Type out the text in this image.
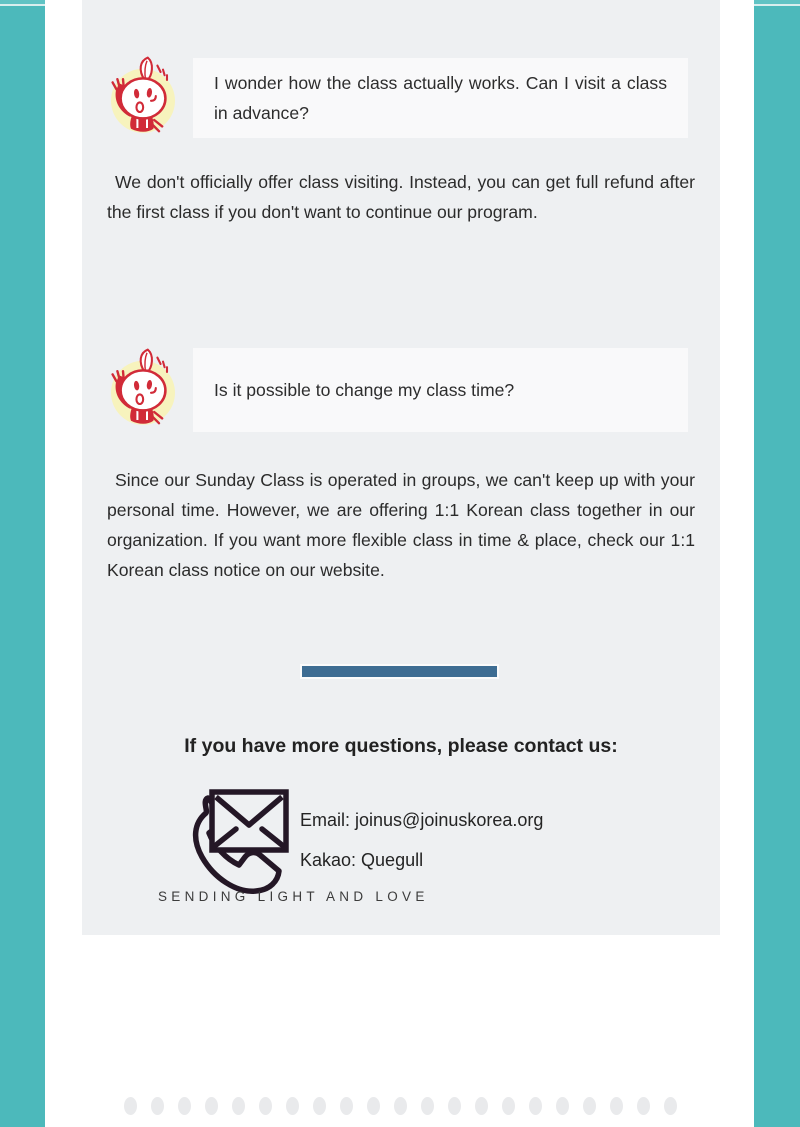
I wonder how the class actually works. Can I visit a class in advance?

We don't officially offer class visiting. Instead, you can get full refund after the first class if you don't want to continue our program.

Is it possible to change my class time?

Since our Sunday Class is operated in groups, we can't keep up with your personal time. However, we are offering 1:1 Korean class together in our organization. If you want more flexible class in time & place, check our 1:1 Korean class notice on our website.

If you have more questions, please contact us:

Email: joinus@joinuskorea.org

Kakao: Quegull

SENDING LIGHT AND LOVE
